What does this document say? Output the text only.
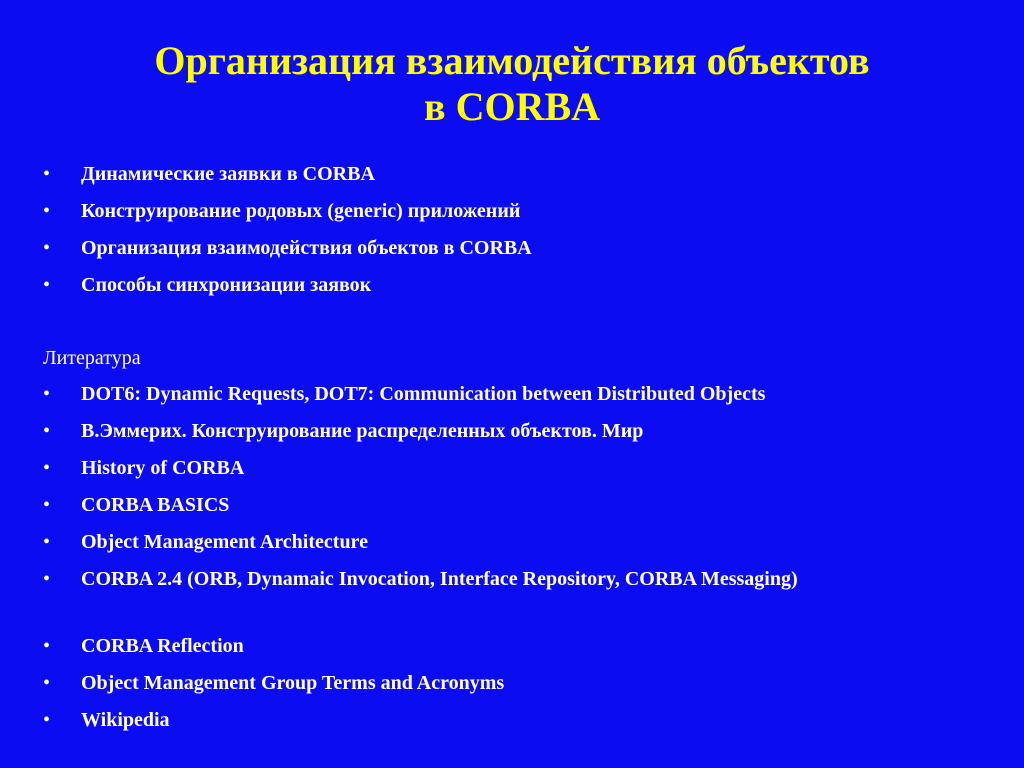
Организация взаимодействия объектов
в CORBA
• Динамические заявки в CORBA
• Конструирование родовых (generic) приложений
• Организация взаимодействия объектов в CORBA
• Способы синхронизации заявок
Литература
• DOT6: Dynamic Requests, DOT7: Communication between Distributed Objects
• В.Эммерих. Конструирование распределенных объектов. Мир
• History of CORBA
• CORBA BASICS
• Object Management Architecture
• CORBA 2.4 (ORB, Dynamaic Invocation, Interface Repository, CORBA Messaging)
• CORBA Reflection
• Object Management Group Terms and Acronyms
• Wikipedia
